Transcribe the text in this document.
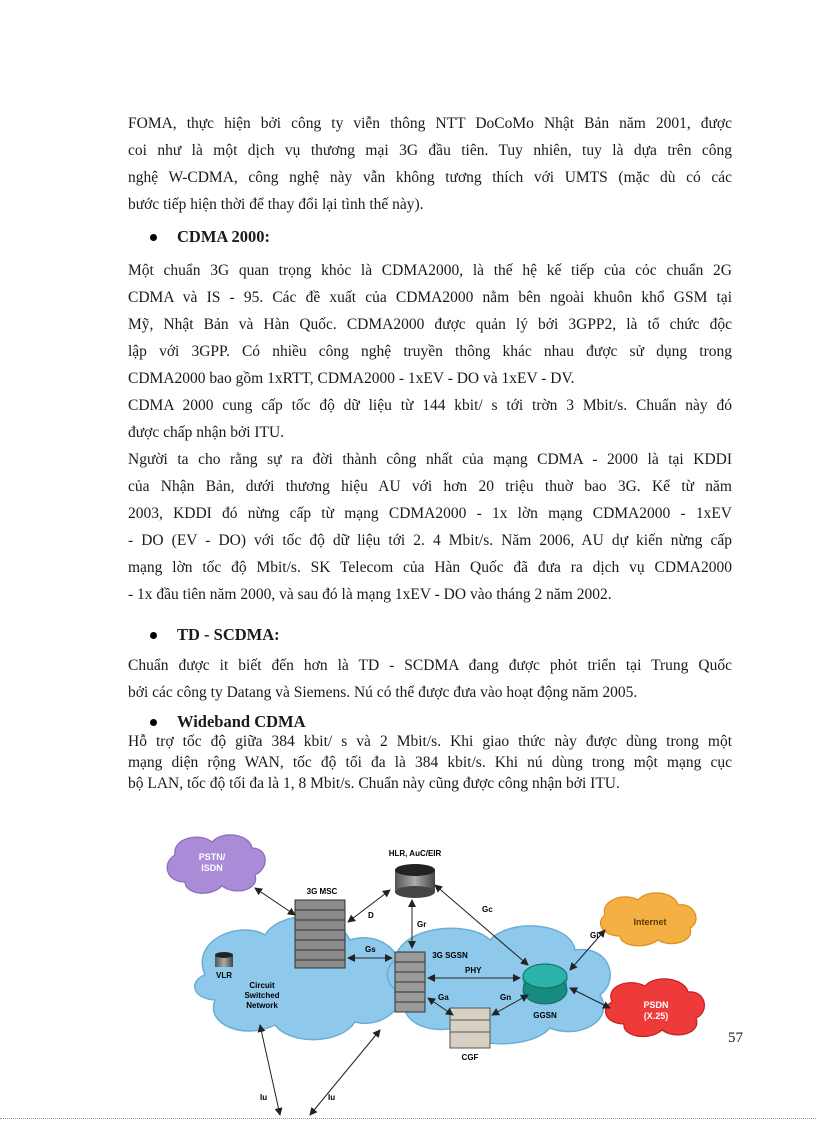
FOMA, thực hiện bởi công ty viễn thông NTT DoCoMo Nhật Bản năm 2001, được

coi như là một dịch vụ thương mại 3G đầu tiên. Tuy nhiên, tuy là dựa trên công

nghệ W-CDMA, công nghệ này vẫn không tương thích với UMTS (mặc dù có các

bước tiếp hiện thời để thay đổi lại tình thế này).

CDMA 2000:

Một chuẩn 3G quan trọng khỏc là CDMA2000, là thế hệ kế tiếp của cỏc chuẩn 2G

CDMA và IS - 95. Các đề xuất của CDMA2000 nằm bên ngoài khuôn khổ GSM tại

Mỹ, Nhật Bản và Hàn Quốc. CDMA2000 được quản lý bởi 3GPP2, là tổ chức độc

lập với 3GPP. Có nhiều công nghệ truyền thông khác nhau được sử dụng trong

CDMA2000 bao gồm 1xRTT, CDMA2000 - 1xEV - DO và 1xEV - DV.

CDMA 2000 cung cấp tốc độ dữ liệu từ 144 kbit/ s tới trờn 3 Mbit/s. Chuẩn này đó

được chấp nhận bởi ITU.

Người ta cho rằng sự ra đời thành công nhất của mạng CDMA - 2000 là tại KDDI

của Nhận Bản, dưới thương hiệu AU với hơn 20 triệu thuờ bao 3G. Kể từ năm

2003, KDDI đó nừng cấp từ mạng CDMA2000 - 1x lờn mạng CDMA2000 - 1xEV

- DO (EV - DO) với tốc độ dữ liệu tới 2. 4 Mbit/s. Năm 2006, AU dự kiến nừng cấp

mạng lờn tốc độ Mbit/s. SK Telecom của Hàn Quốc đã đưa ra dịch vụ CDMA2000

- 1x đầu tiên năm 2000, và sau đó là mạng 1xEV - DO vào tháng 2 năm 2002.

TD - SCDMA:

Chuẩn được it biết đến hơn là TD - SCDMA đang được phỏt triển tại Trung Quốc

bởi các công ty Datang và Siemens. Nú có thể được đưa vào hoạt động năm 2005.

Wideband CDMA

Hỗ trợ tốc độ giữa 384 kbit/ s và 2 Mbit/s. Khi giao thức này được dùng trong một

mạng diện rộng WAN, tốc độ tối đa là 384 kbit/s. Khi nú dùng trong một mạng cục

bộ LAN, tốc độ tối đa là 1, 8 Mbit/s. Chuẩn này cũng được công nhận bởi ITU.

PSTN/
ISDN
Internet
PSDN
(X.25)
HLR, AuC/EIR
3G MSC
VLR
Circuit
Switched
Network
3G SGSN
GGSN
CGF
D
Gr
Gc
Gs
PHY
Ga	Gn
Gi
Iu	Iu
57
